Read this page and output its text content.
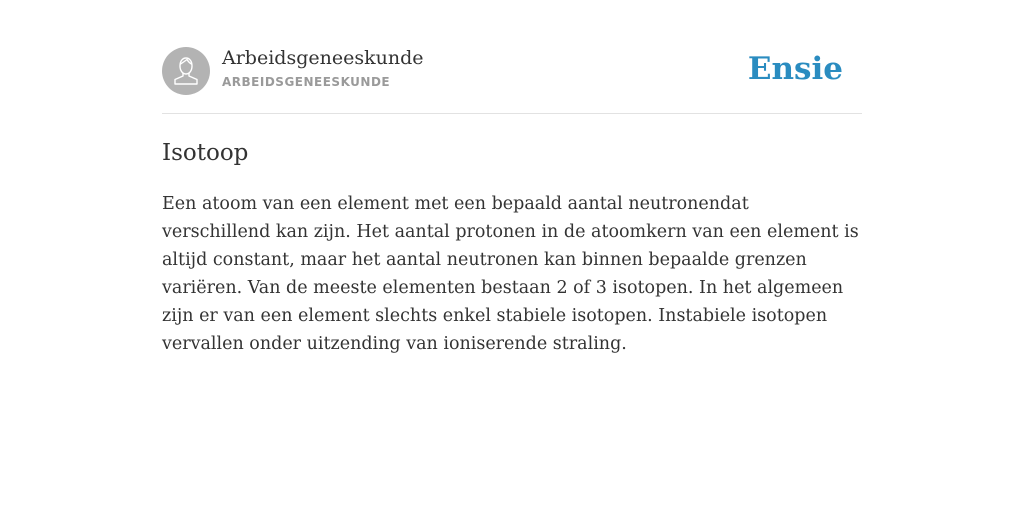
Arbeidsgeneeskunde
ARBEIDSGENEESKUNDE	Ensie
Isotoop

Een atoom van een element met een bepaald aantal neutronendat verschillend kan zijn. Het aantal protonen in de atoomkern van een element is altijd constant, maar het aantal neutronen kan binnen bepaalde grenzen variëren. Van de meeste elementen bestaan 2 of 3 isotopen. In het algemeen zijn er van een element slechts enkel stabiele isotopen. Instabiele isotopen vervallen onder uitzending van ioniserende straling.
